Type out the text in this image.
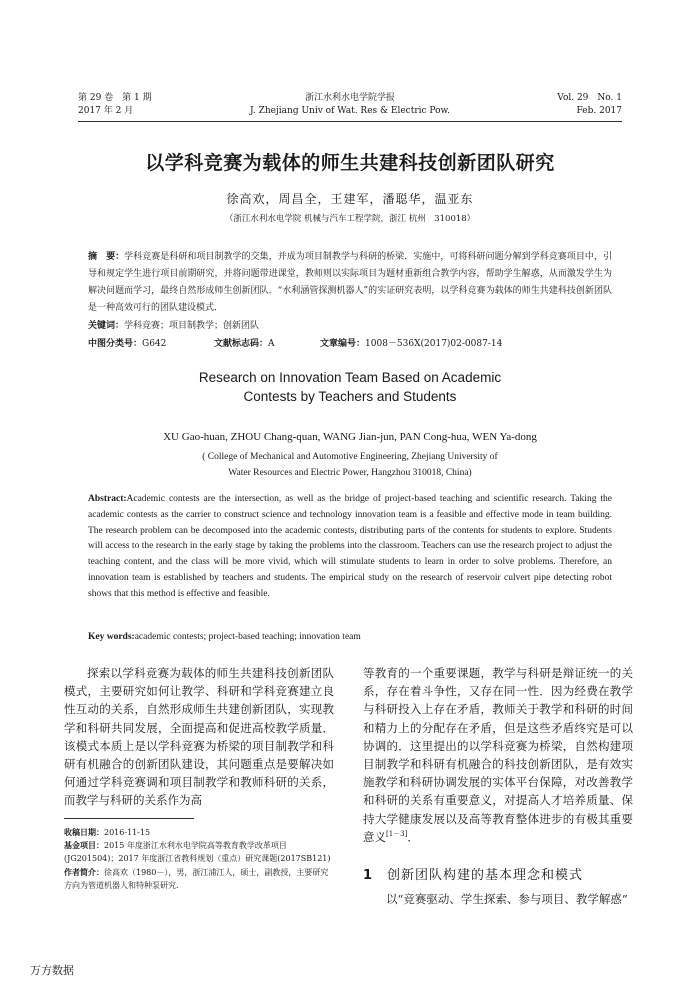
第 29 卷　第 1 期
2017 年 2 月
浙江水利水电学院学报
J. Zhejiang Univ of Wat. Res & Electric Pow.
Vol. 29　No. 1
Feb. 2017
以学科竞赛为载体的师生共建科技创新团队研究
徐高欢，周昌全，王建军，潘聪华，温亚东
（浙江水利水电学院 机械与汽车工程学院，浙江 杭州　310018）
摘　要：学科竞赛是科研和项目制教学的交集，并成为项目制教学与科研的桥梁．实施中，可将科研问题分解到学科竞赛项目中，引导和规定学生进行项目前期研究，并将问题带进课堂，教师则以实际项目为题材重新组合教学内容，帮助学生解惑，从而激发学生为解决问题而学习，最终自然形成师生创新团队．“水利涵管探测机器人”的实证研究表明，以学科竞赛为载体的师生共建科技创新团队是一种高效可行的团队建设模式．
关键词：学科竞赛；项目制教学；创新团队
中图分类号：G642	文献标志码：A	文章编号：1008－536X(2017)02-0087-14
Research on Innovation Team Based on Academic
Contests by Teachers and Students
XU Gao-huan, ZHOU Chang-quan, WANG Jian-jun, PAN Cong-hua, WEN Ya-dong
( College of Mechanical and Automotive Engineering, Zhejiang University of
Water Resources and Electric Power, Hangzhou 310018, China)
Abstract:Academic contests are the intersection, as well as the bridge of project-based teaching and scientific research. Taking the academic contests as the carrier to construct science and technology innovation team is a feasible and effective mode in team building. The research problem can be decomposed into the academic contests, distributing parts of the contents for students to explore. Students will access to the research in the early stage by taking the problems into the classroom. Teachers can use the research project to adjust the teaching content, and the class will be more vivid, which will stimulate students to learn in order to solve problems. Therefore, an innovation team is established by teachers and students. The empirical study on the research of reservoir culvert pipe detecting robot shows that this method is effective and feasible.
Key words:academic contests; project-based teaching; innovation team

探索以学科竞赛为载体的师生共建科技创新团队模式，主要研究如何让教学、科研和学科竞赛建立良性互动的关系，自然形成师生共建创新团队，实现教学和科研共同发展，全面提高和促进高校教学质量．该模式本质上是以学科竞赛为桥梁的项目制教学和科研有机融合的创新团队建设，其问题重点是要解决如何通过学科竞赛调和项目制教学和教师科研的关系，而教学与科研的关系作为高

等教育的一个重要课题，教学与科研是辩证统一的关系，存在着斗争性，又存在同一性．因为经费在教学与科研投入上存在矛盾，教师关于教学和科研的时间和精力上的分配存在矛盾，但是这些矛盾终究是可以协调的．这里提出的以学科竞赛为桥梁，自然构建项目制教学和科研有机融合的科技创新团队，是有效实施教学和科研协调发展的实体平台保障，对改善教学和科研的关系有重要意义，对提高人才培养质量、保持大学健康发展以及高等教育整体进步的有极其重要意义[1－3]．

收稿日期：2016-11-15
基金项目：2015 年度浙江水利水电学院高等教育教学改革项目(JG201504)；2017 年度浙江省教科规划（重点）研究课题(2017SB121)
作者简介：徐高欢（1980－），男，浙江浦江人，硕士，副教授，主要研究方向为管道机器人和特种泵研究．
1 创新团队构建的基本理念和模式
以“竞赛驱动、学生探索、参与项目、教学解惑”
万方数据
